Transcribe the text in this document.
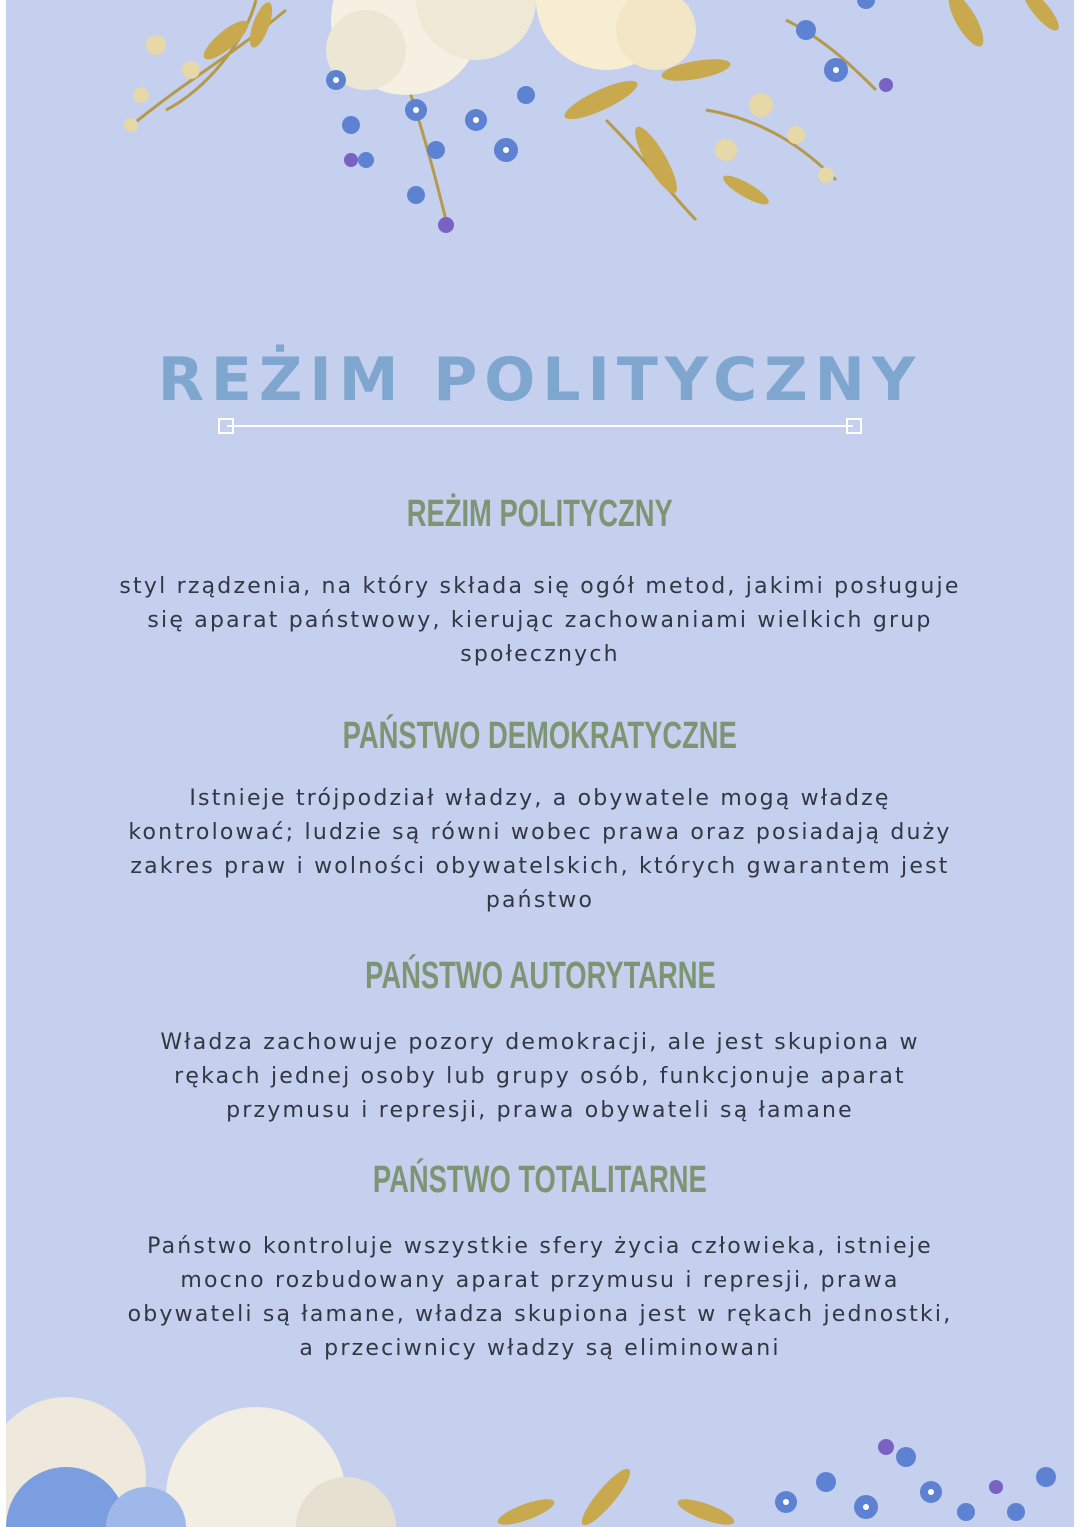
REŻIM POLITYCZNY
REŻIM POLITYCZNY

styl rządzenia, na który składa się ogół metod, jakimi posługuje się aparat państwowy, kierując zachowaniami wielkich grup społecznych

PAŃSTWO DEMOKRATYCZNE

Istnieje trójpodział władzy, a obywatele mogą władzę kontrolować; ludzie są równi wobec prawa oraz posiadają duży zakres praw i wolności obywatelskich, których gwarantem jest państwo

PAŃSTWO AUTORYTARNE

Władza zachowuje pozory demokracji, ale jest skupiona w rękach jednej osoby lub grupy osób, funkcjonuje aparat przymusu i represji, prawa obywateli są łamane

PAŃSTWO TOTALITARNE

Państwo kontroluje wszystkie sfery życia człowieka, istnieje mocno rozbudowany aparat przymusu i represji, prawa obywateli są łamane, władza skupiona jest w rękach jednostki, a przeciwnicy władzy są eliminowani
